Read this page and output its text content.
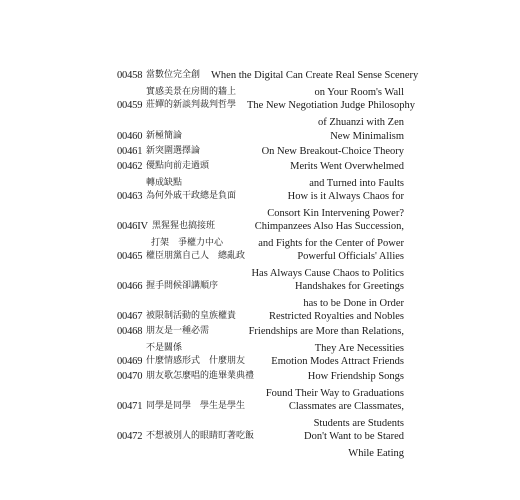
00458 當數位完全創 When the Digital Can Create Real Sense Scenery
實感美景在房間的牆上	on Your Room's Wall
00459 莊嬋的新談判裁判哲學 The New Negotiation Judge Philosophy
of Zhuanzi with Zen
00460 新極簡論	New Minimalism
00461 新突圍選擇論	On New Breakout-Choice Theory
00462 優點向前走過頭	Merits Went Overwhelmed
轉成缺點	and Turned into Faults
00463 為何外戚干政總是負面	How is it Always Chaos for
Consort Kin Intervening Power?
0046IV 黑猩猩也搞接班	Chimpanzees Also Has Succession,
打架　爭權力中心	and Fights for the Center of Power
00465 權臣朋黨自己人　總亂政	Powerful Officials' Allies
Has Always Cause Chaos to Politics
00466 握手問候卻講順序	Handshakes for Greetings
has to be Done in Order
00467 被限制活動的皇族權貴	Restricted Royalties and Nobles
00468 朋友是一種必需	Friendships are More than Relations,
不是關係	They Are Necessities
00469 什麼情感形式　什麼朋友	Emotion Modes Attract Friends
00470 朋友歌怎麼唱的進畢業典禮	How Friendship Songs
Found Their Way to Graduations
00471 同學是同學　學生是學生	Classmates are Classmates,
Students are Students
00472 不想被別人的眼睛盯著吃飯	Don't Want to be Stared
While Eating
